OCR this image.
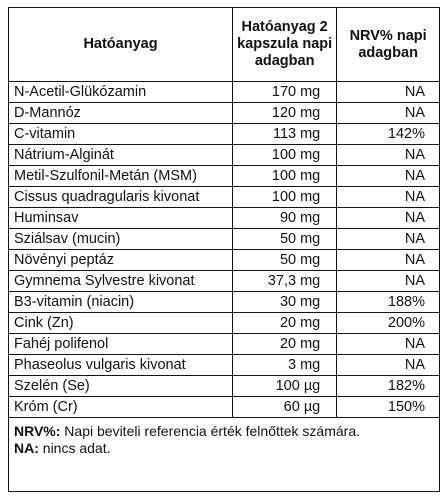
Hatóanyag	Hatóanyag 2 kapszula napi adagban	NRV% napi adagban
N-Acetil-Glükózamin	170 mg	NA
D-Mannóz	120 mg	NA
C-vitamin	113 mg	142%
Nátrium-Alginát	100 mg	NA
Metil-Szulfonil-Metán (MSM)	100 mg	NA
Cissus quadragularis kivonat	100 mg	NA
Huminsav	90 mg	NA
Sziálsav (mucin)	50 mg	NA
Növényi peptáz	50 mg	NA
Gymnema Sylvestre kivonat	37,3 mg	NA
B3-vitamin (niacin)	30 mg	188%
Cink (Zn)	20 mg	200%
Fahéj polifenol	20 mg	NA
Phaseolus vulgaris kivonat	3 mg	NA
Szelén (Se)	100 µg	182%
Króm (Cr)	60 µg	150%
NRV%: Napi beviteli referencia érték felnőttek számára.
NA: nincs adat.
